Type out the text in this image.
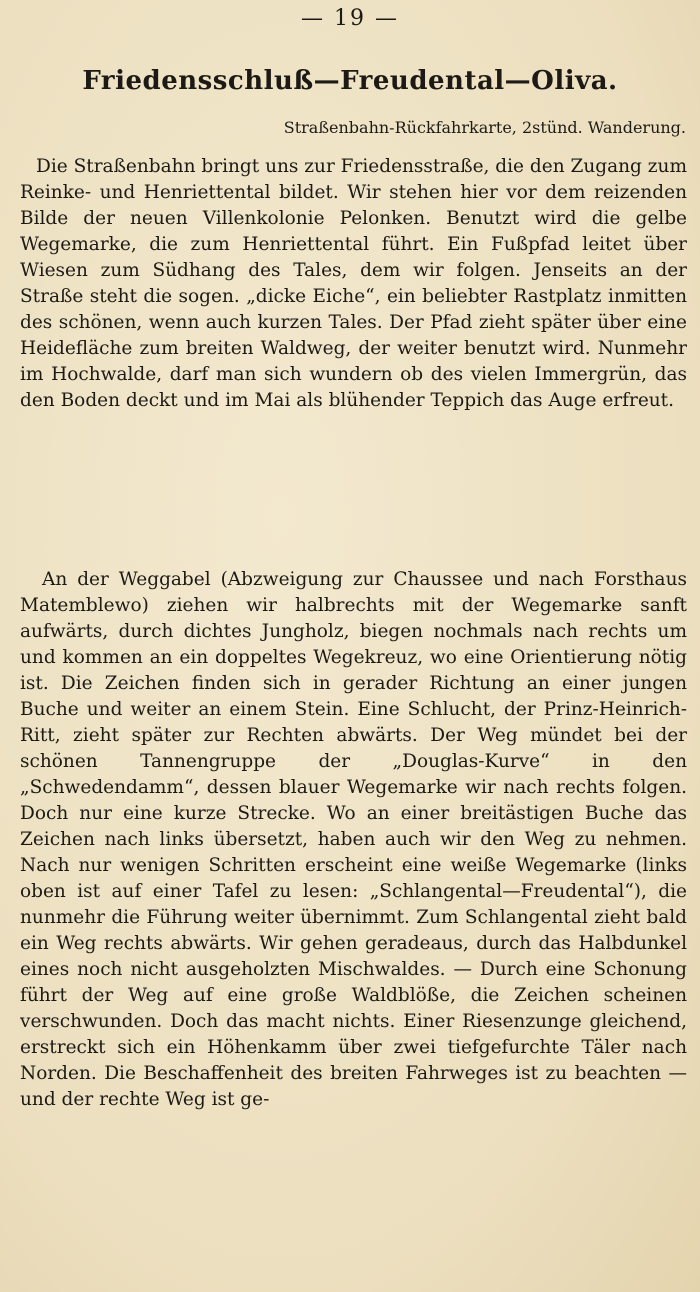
— 19 —
Friedensschluß—Freudental—Oliva.
Straßenbahn-Rückfahrkarte, 2stünd. Wanderung.
Die Straßenbahn bringt uns zur Friedensstraße, die den Zugang zum Reinke- und Henriettental bildet. Wir stehen hier vor dem reizenden Bilde der neuen Villenkolonie Pelonken. Benutzt wird die gelbe Wegemarke, die zum Henriettental führt. Ein Fußpfad leitet über Wiesen zum Südhang des Tales, dem wir folgen. Jenseits an der Straße steht die sogen. „dicke Eiche“, ein beliebter Rastplatz inmitten des schönen, wenn auch kurzen Tales. Der Pfad zieht später über eine Heidefläche zum breiten Waldweg, der weiter benutzt wird. Nunmehr im Hochwalde, darf man sich wundern ob des vielen Immergrün, das den Boden deckt und im Mai als blühender Teppich das Auge erfreut.
An der Weggabel (Abzweigung zur Chaussee und nach Forsthaus Matemblewo) ziehen wir halbrechts mit der Wegemarke sanft aufwärts, durch dichtes Jungholz, biegen nochmals nach rechts um und kommen an ein doppeltes Wegekreuz, wo eine Orientierung nötig ist. Die Zeichen finden sich in gerader Richtung an einer jungen Buche und weiter an einem Stein. Eine Schlucht, der Prinz-Heinrich-Ritt, zieht später zur Rechten abwärts. Der Weg mündet bei der schönen Tannengruppe der „Douglas-Kurve“ in den „Schwedendamm“, dessen blauer Wegemarke wir nach rechts folgen. Doch nur eine kurze Strecke. Wo an einer breitästigen Buche das Zeichen nach links übersetzt, haben auch wir den Weg zu nehmen. Nach nur wenigen Schritten erscheint eine weiße Wegemarke (links oben ist auf einer Tafel zu lesen: „Schlangental—Freudental“), die nunmehr die Führung weiter übernimmt. Zum Schlangental zieht bald ein Weg rechts abwärts. Wir gehen geradeaus, durch das Halbdunkel eines noch nicht ausgeholzten Mischwaldes. — Durch eine Schonung führt der Weg auf eine große Waldblöße, die Zeichen scheinen verschwunden. Doch das macht nichts. Einer Riesenzunge gleichend, erstreckt sich ein Höhenkamm über zwei tiefgefurchte Täler nach Norden. Die Beschaffenheit des breiten Fahrweges ist zu beachten — und der rechte Weg ist ge-
